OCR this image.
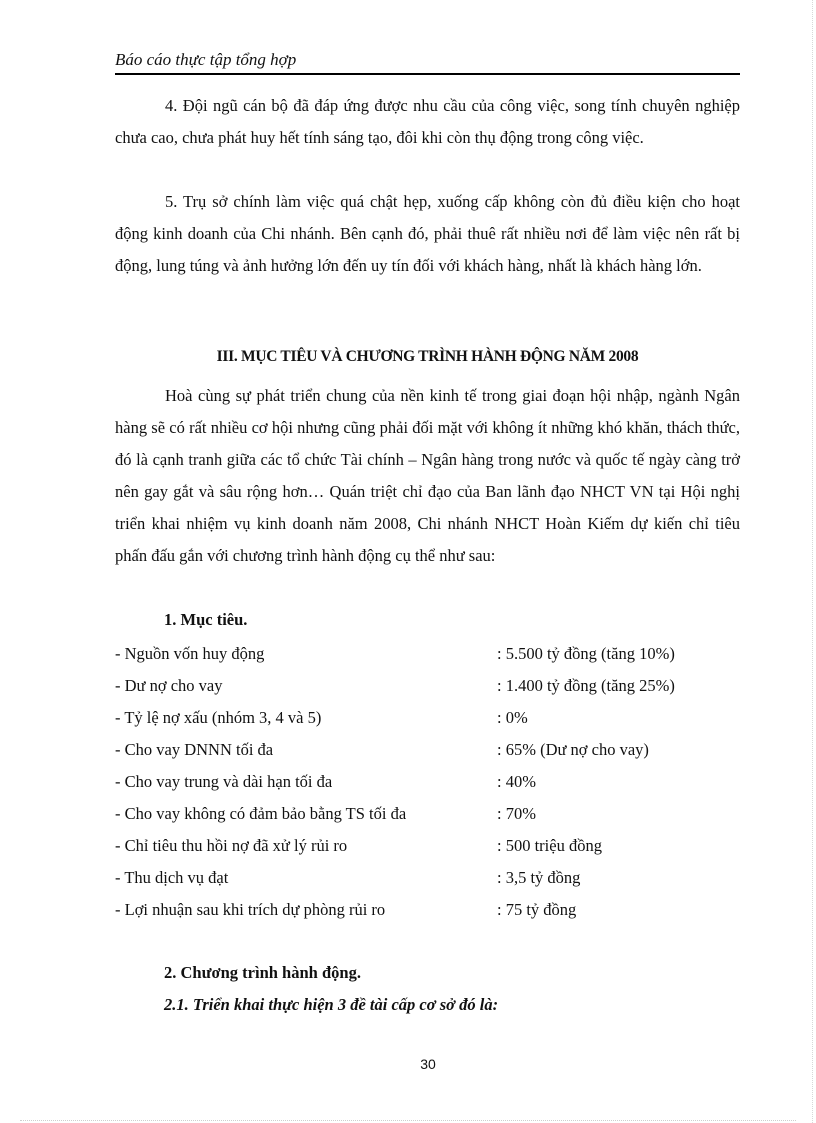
Báo cáo thực tập tổng hợp
4. Đội ngũ cán bộ đã đáp ứng được nhu cầu của công việc, song tính chuyên nghiệp chưa cao, chưa phát huy hết tính sáng tạo, đôi khi còn thụ động trong công việc.
5. Trụ sở chính làm việc quá chật hẹp, xuống cấp không còn đủ điều kiện cho hoạt động kinh doanh của Chi nhánh. Bên cạnh đó, phải thuê rất nhiều nơi để làm việc nên rất bị động, lung túng và ảnh hưởng lớn đến uy tín đối với khách hàng, nhất là khách hàng lớn.
III. MỤC TIÊU VÀ CHƯƠNG TRÌNH HÀNH ĐỘNG NĂM 2008
Hoà cùng sự phát triển chung của nền kinh tế trong giai đoạn hội nhập, ngành Ngân hàng sẽ có rất nhiều cơ hội nhưng cũng phải đối mặt với không ít những khó khăn, thách thức, đó là cạnh tranh giữa các tổ chức Tài chính – Ngân hàng trong nước và quốc tế ngày càng trở nên gay gắt và sâu rộng hơn… Quán triệt chỉ đạo của Ban lãnh đạo NHCT VN tại Hội nghị triển khai nhiệm vụ kinh doanh năm 2008, Chi nhánh NHCT Hoàn Kiếm dự kiến chỉ tiêu phấn đấu gắn với chương trình hành động cụ thể như sau:
1. Mục tiêu.
- Nguồn vốn huy động	: 5.500 tỷ đồng (tăng 10%)
- Dư nợ cho vay	: 1.400 tỷ đồng (tăng 25%)
- Tỷ lệ nợ xấu (nhóm 3, 4 và 5)	: 0%
- Cho vay DNNN tối đa	: 65% (Dư nợ cho vay)
- Cho vay trung và dài hạn tối đa	: 40%
- Cho vay không có đảm bảo bằng TS tối đa	: 70%
- Chỉ tiêu thu hồi nợ đã xử lý rủi ro	: 500 triệu đồng
- Thu dịch vụ đạt	: 3,5 tỷ đồng
- Lợi nhuận sau khi trích dự phòng rủi ro	: 75 tỷ đồng
2. Chương trình hành động.
2.1. Triển khai thực hiện 3 đề tài cấp cơ sở đó là:
30
